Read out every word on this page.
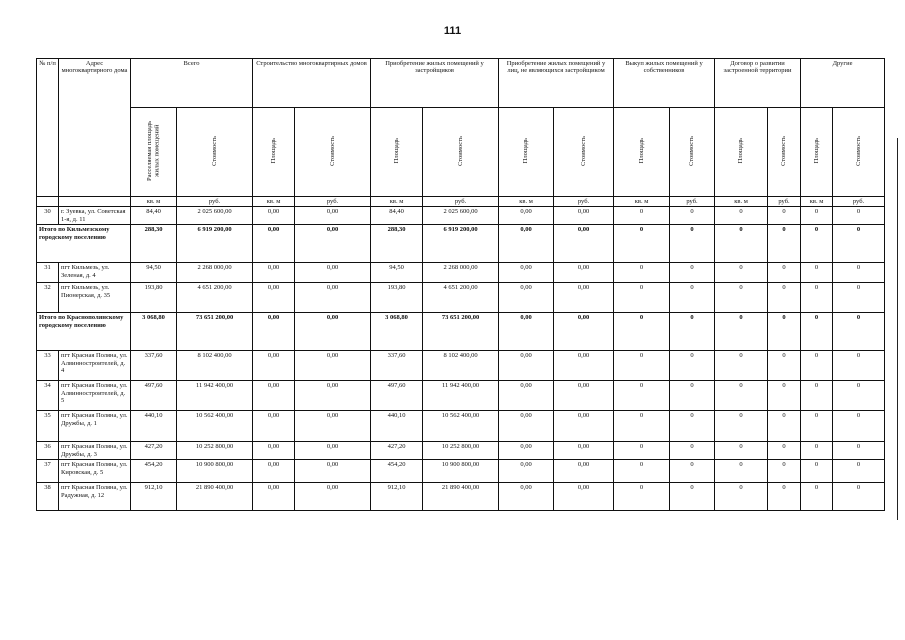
111
№ п/п	Адрес многоквартирного дома	Всего		Строительство многоквартирных домов		Приобретение жилых помещений у застройщиков		Приобретение жилых помещений у лиц, не являющихся застройщиком		Выкуп жилых помещений у собственников		Договор о развитии застроенной территории		Другие	
		Расселяемая площадь жилых помещений	Стоимость	Площадь	Стоимость	Площадь	Стоимость	Площадь	Стоимость	Площадь	Стоимость	Площадь	Стоимость	Площадь	Стоимость
		кв. м	руб.	кв. м	руб.	кв. м	руб.	кв. м	руб.	кв. м	руб.	кв. м	руб.	кв. м	руб.
30	г. Зуевка, ул. Советская 1-я, д. 11	84,40	2 025 600,00	0,00	0,00	84,40	2 025 600,00	0,00	0,00	0	0	0	0	0	0
Итого по Кильмезскому городскому поселению		288,30	6 919 200,00	0,00	0,00	288,30	6 919 200,00	0,00	0,00	0	0	0	0	0	0
31	пгт Кильмезь, ул. Зеленая, д. 4	94,50	2 268 000,00	0,00	0,00	94,50	2 268 000,00	0,00	0,00	0	0	0	0	0	0
32	пгт Кильмезь, ул. Пионерская, д. 35	193,80	4 651 200,00	0,00	0,00	193,80	4 651 200,00	0,00	0,00	0	0	0	0	0	0
Итого по Краснополянскому городскому поселению		3 068,80	73 651 200,00	0,00	0,00	3 068,80	73 651 200,00	0,00	0,00	0	0	0	0	0	0
33	пгт Красная Поляна, ул. Алвинностроителей, д. 4	337,60	8 102 400,00	0,00	0,00	337,60	8 102 400,00	0,00	0,00	0	0	0	0	0	0
34	пгт Красная Поляна, ул. Алвинностроителей, д. 5	497,60	11 942 400,00	0,00	0,00	497,60	11 942 400,00	0,00	0,00	0	0	0	0	0	0
35	пгт Красная Поляна, ул. Дружбы, д. 1	440,10	10 562 400,00	0,00	0,00	440,10	10 562 400,00	0,00	0,00	0	0	0	0	0	0
36	пгт Красная Поляна, ул. Дружбы, д. 3	427,20	10 252 800,00	0,00	0,00	427,20	10 252 800,00	0,00	0,00	0	0	0	0	0	0
37	пгт Красная Поляна, ул. Кировская, д. 5	454,20	10 900 800,00	0,00	0,00	454,20	10 900 800,00	0,00	0,00	0	0	0	0	0	0
38	пгт Красная Поляна, ул. Радужная, д. 12	912,10	21 890 400,00	0,00	0,00	912,10	21 890 400,00	0,00	0,00	0	0	0	0	0	0
